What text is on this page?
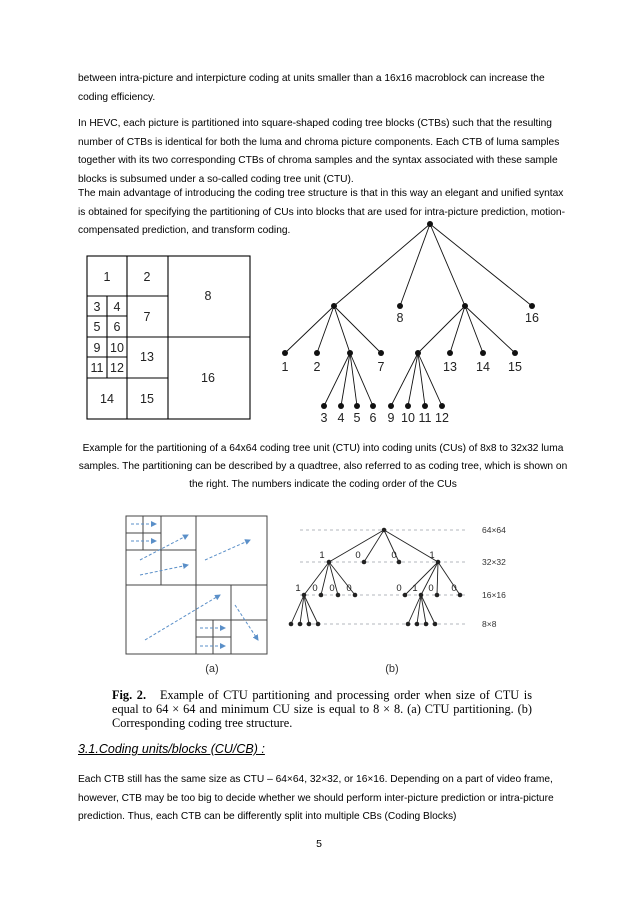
between intra-picture and interpicture coding at units smaller than a 16x16 macroblock can increase the coding efficiency.

In HEVC, each picture is partitioned into square-shaped coding tree blocks (CTBs) such that the resulting number of CTBs is identical for both the luma and chroma picture components. Each CTB of luma samples together with its two corresponding CTBs of chroma samples and the syntax associated with these sample blocks is subsumed under a so-called coding tree unit (CTU).

The main advantage of introducing the coding tree structure is that in this way an elegant and unified syntax is obtained for specifying the partitioning of CUs into blocks that are used for intra-picture prediction, motion-compensated prediction, and transform coding.

1	2
3 4
5 6
7
8
9 10
11 12
13
14 15
16
8	16
1 2	7	13 14 15
3 4 5 6 9 10 11 12

Example for the partitioning of a 64x64 coding tree unit (CTU) into coding units (CUs) of 8x8 to 32x32 luma samples. The partitioning can be described by a quadtree, also referred to as coding tree, which is shown on the right. The numbers indicate the coding order of the CUs

(a)
64×64
32×32
16×16
8×8
1	0	0	1
1 0 0 0	0 1 0 0
(b)

Fig. 2. Example of CTU partitioning and processing order when size of CTU is equal to 64 × 64 and minimum CU size is equal to 8 × 8. (a) CTU partitioning. (b) Corresponding coding tree structure.

3.1.Coding units/blocks (CU/CB) :

Each CTB still has the same size as CTU – 64×64, 32×32, or 16×16. Depending on a part of video frame, however, CTB may be too big to decide whether we should perform inter-picture prediction or intra-picture prediction. Thus, each CTB can be differently split into multiple CBs (Coding Blocks)

5
